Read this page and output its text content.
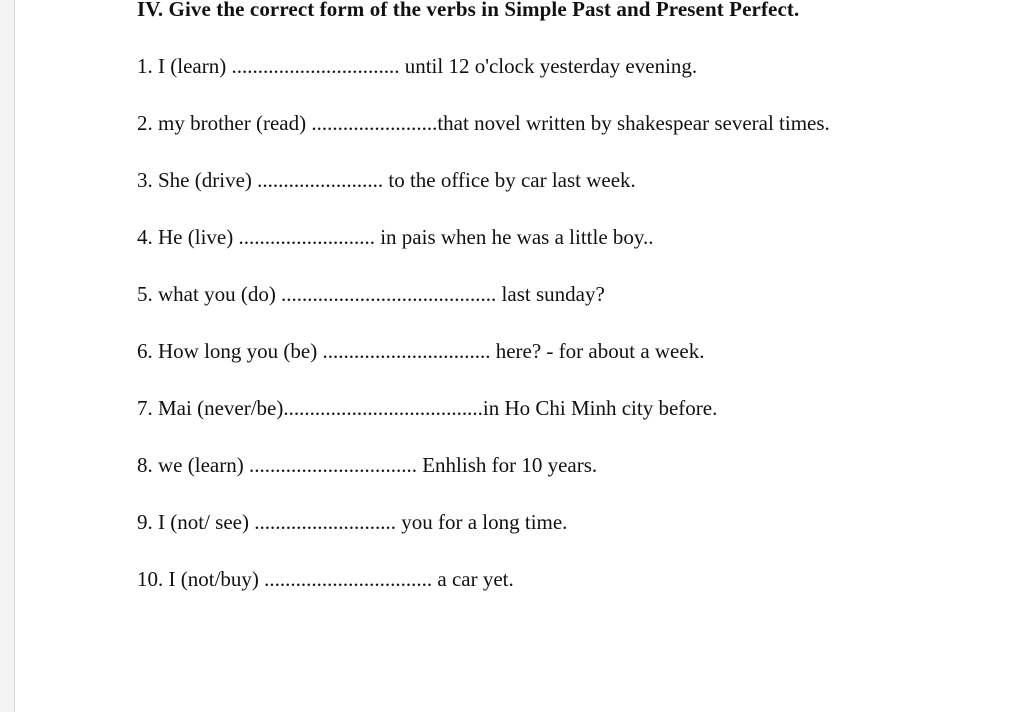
IV. Give the correct form of the verbs in Simple Past and Present Perfect.
1. I (learn) ................................ until 12 o'clock yesterday evening.
2. my brother (read) ........................that novel written by shakespear several times.
3. She (drive) ........................ to the office by car last week.
4. He (live) .......................... in pais when he was a little boy..
5. what you (do) ......................................... last sunday?
6. How long you (be) ................................ here? - for about a week.
7. Mai (never/be)......................................in Ho Chi Minh city before.
8. we (learn) ................................ Enhlish for 10 years.
9. I (not/ see) ........................... you for a long time.
10. I (not/buy) ................................ a car yet.
